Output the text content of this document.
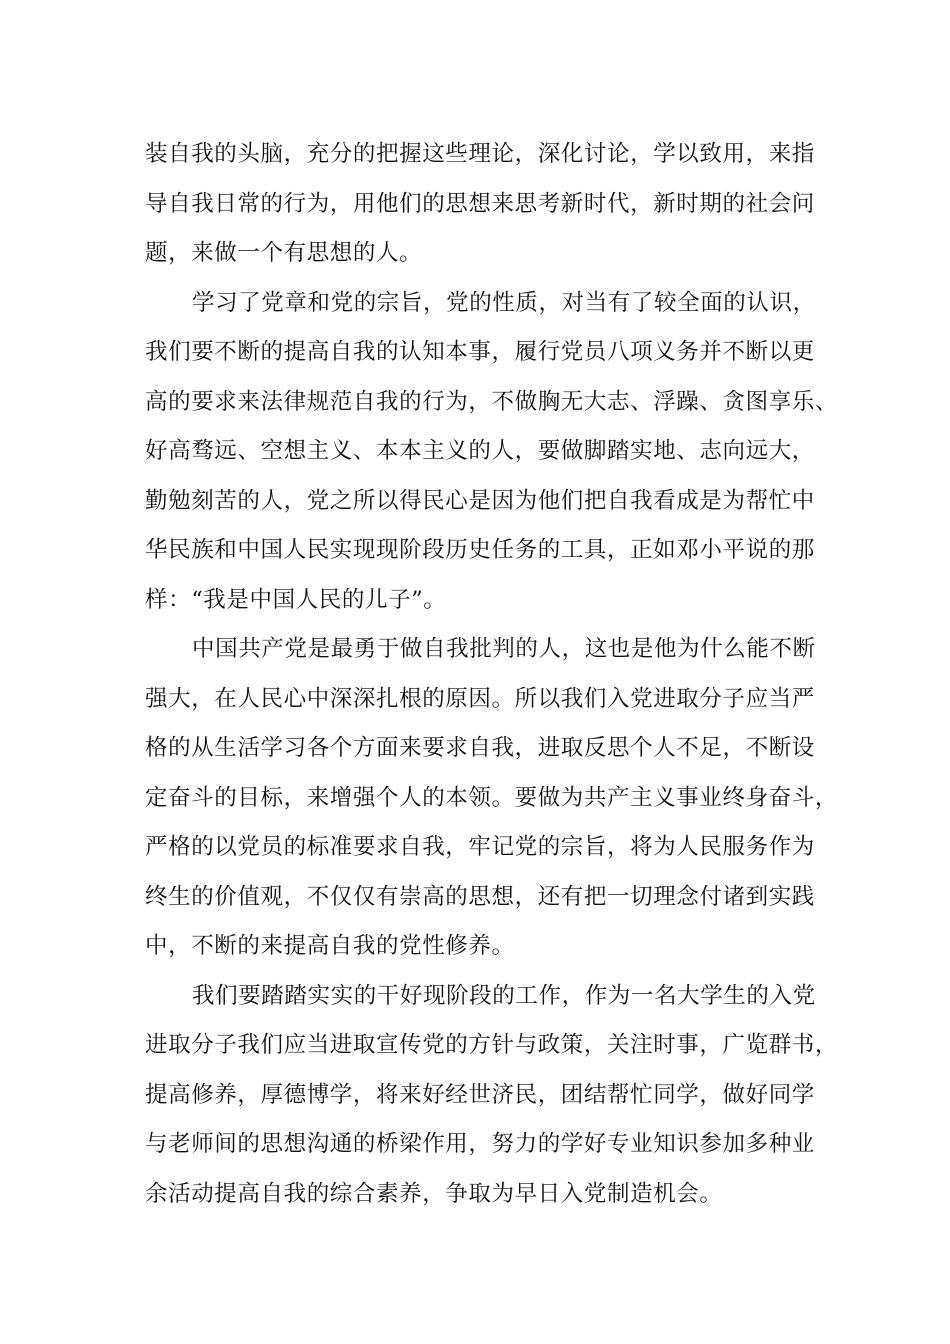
装自我的头脑，充分的把握这些理论，深化讨论，学以致用，来指
导自我日常的行为，用他们的思想来思考新时代，新时期的社会问
题，来做一个有思想的人。
学习了党章和党的宗旨，党的性质，对当有了较全面的认识，
我们要不断的提高自我的认知本事，履行党员八项义务并不断以更
高的要求来法律规范自我的行为，不做胸无大志、浮躁、贪图享乐、
好高骛远、空想主义、本本主义的人，要做脚踏实地、志向远大，
勤勉刻苦的人，党之所以得民心是因为他们把自我看成是为帮忙中
华民族和中国人民实现现阶段历史任务的工具，正如邓小平说的那
样：“我是中国人民的儿子”。
中国共产党是最勇于做自我批判的人，这也是他为什么能不断
强大，在人民心中深深扎根的原因。所以我们入党进取分子应当严
格的从生活学习各个方面来要求自我，进取反思个人不足，不断设
定奋斗的目标，来增强个人的本领。要做为共产主义事业终身奋斗，
严格的以党员的标准要求自我，牢记党的宗旨，将为人民服务作为
终生的价值观，不仅仅有崇高的思想，还有把一切理念付诸到实践
中，不断的来提高自我的党性修养。
我们要踏踏实实的干好现阶段的工作，作为一名大学生的入党
进取分子我们应当进取宣传党的方针与政策，关注时事，广览群书，
提高修养，厚德博学，将来好经世济民，团结帮忙同学，做好同学
与老师间的思想沟通的桥梁作用，努力的学好专业知识参加多种业
余活动提高自我的综合素养，争取为早日入党制造机会。
